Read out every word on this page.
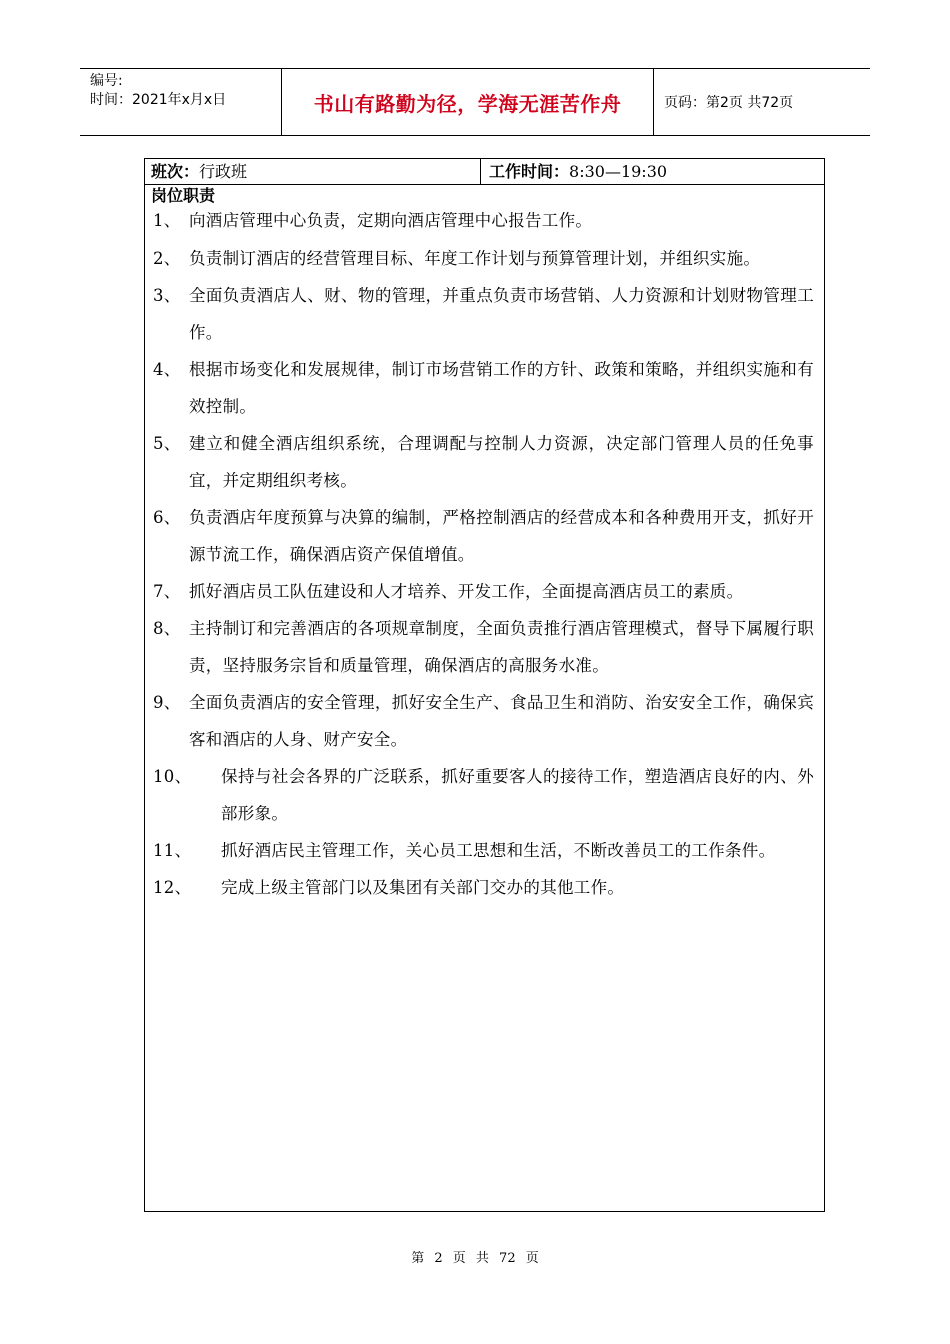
编号:
时间：2021年x月x日	书山有路勤为径，学海无涯苦作舟	页码：第2页 共72页
班次：行政班	工作时间：8:30—19:30
岗位职责
1、 向酒店管理中心负责，定期向酒店管理中心报告工作。
2、 负责制订酒店的经营管理目标、年度工作计划与预算管理计划，并组织实施。
3、 全面负责酒店人、财、物的管理，并重点负责市场营销、人力资源和计划财物管理工作。
4、 根据市场变化和发展规律，制订市场营销工作的方针、政策和策略，并组织实施和有效控制。
5、 建立和健全酒店组织系统，合理调配与控制人力资源，决定部门管理人员的任免事宜，并定期组织考核。
6、 负责酒店年度预算与决算的编制，严格控制酒店的经营成本和各种费用开支，抓好开源节流工作，确保酒店资产保值增值。
7、 抓好酒店员工队伍建设和人才培养、开发工作，全面提高酒店员工的素质。
8、 主持制订和完善酒店的各项规章制度，全面负责推行酒店管理模式，督导下属履行职责，坚持服务宗旨和质量管理，确保酒店的高服务水准。
9、 全面负责酒店的安全管理，抓好安全生产、食品卫生和消防、治安安全工作，确保宾客和酒店的人身、财产安全。
10、	保持与社会各界的广泛联系，抓好重要客人的接待工作，塑造酒店良好的内、外部形象。
11、	抓好酒店民主管理工作，关心员工思想和生活，不断改善员工的工作条件。
12、	完成上级主管部门以及集团有关部门交办的其他工作。
第 2 页 共 72 页
